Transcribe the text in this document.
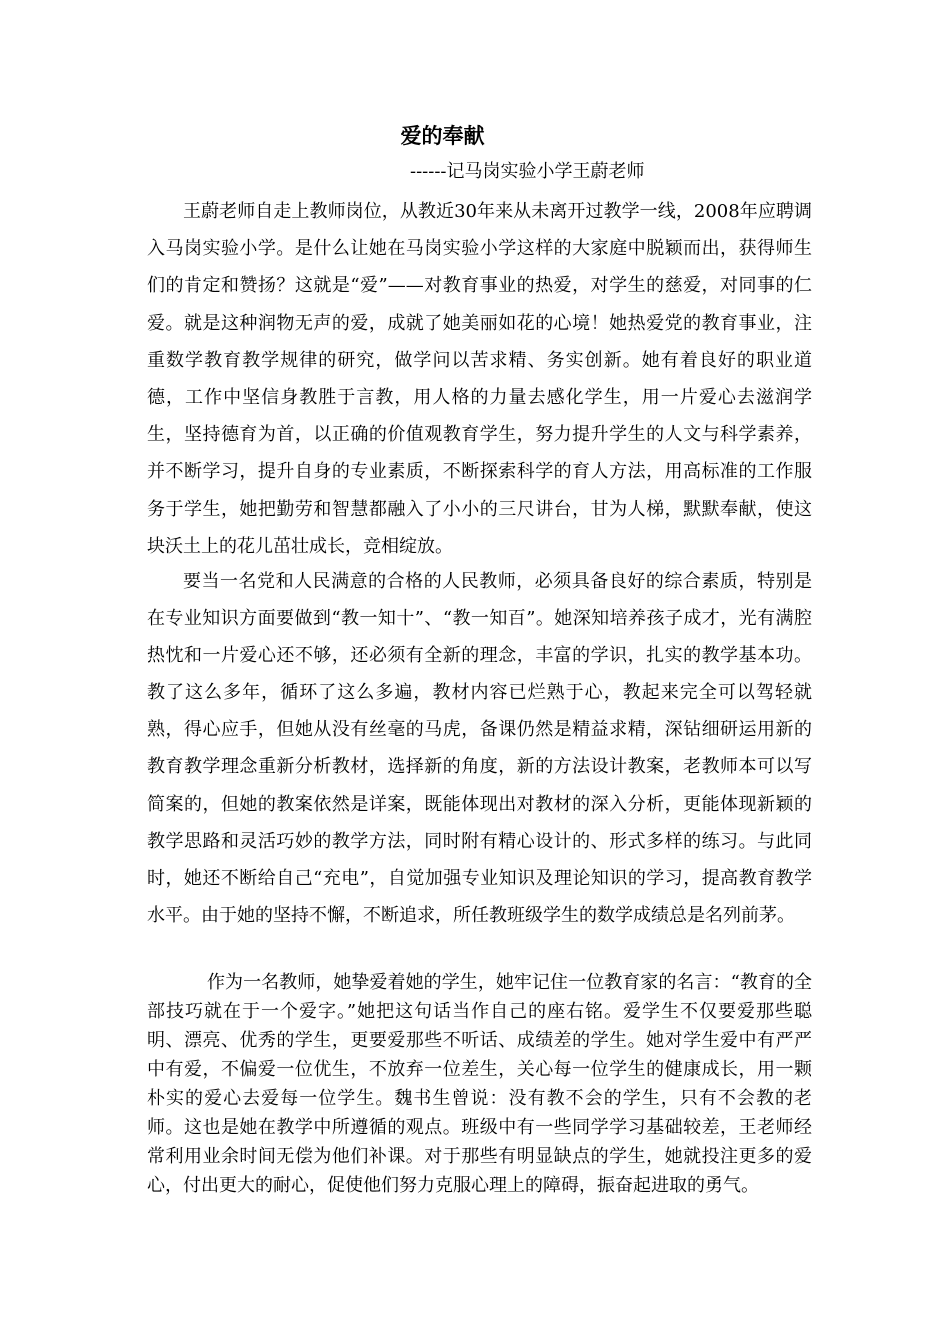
爱的奉献

------记马岗实验小学王蔚老师

王蔚老师自走上教师岗位，从教近30年来从未离开过教学一线，2008年应聘调入马岗实验小学。是什么让她在马岗实验小学这样的大家庭中脱颖而出，获得师生们的肯定和赞扬？这就是“爱”——对教育事业的热爱，对学生的慈爱，对同事的仁爱。就是这种润物无声的爱，成就了她美丽如花的心境！她热爱党的教育事业，注重数学教育教学规律的研究，做学问以苦求精、务实创新。她有着良好的职业道德，工作中坚信身教胜于言教，用人格的力量去感化学生，用一片爱心去滋润学生，坚持德育为首，以正确的价值观教育学生，努力提升学生的人文与科学素养，并不断学习，提升自身的专业素质，不断探索科学的育人方法，用高标准的工作服务于学生，她把勤劳和智慧都融入了小小的三尺讲台，甘为人梯，默默奉献，使这块沃土上的花儿茁壮成长，竞相绽放。

要当一名党和人民满意的合格的人民教师，必须具备良好的综合素质，特别是在专业知识方面要做到“教一知十”、“教一知百”。她深知培养孩子成才，光有满腔热忱和一片爱心还不够，还必须有全新的理念，丰富的学识，扎实的教学基本功。教了这么多年，循环了这么多遍，教材内容已烂熟于心，教起来完全可以驾轻就熟，得心应手，但她从没有丝毫的马虎，备课仍然是精益求精，深钻细研运用新的教育教学理念重新分析教材，选择新的角度，新的方法设计教案，老教师本可以写简案的，但她的教案依然是详案，既能体现出对教材的深入分析，更能体现新颖的教学思路和灵活巧妙的教学方法，同时附有精心设计的、形式多样的练习。与此同时，她还不断给自己“充电”，自觉加强专业知识及理论知识的学习，提高教育教学水平。由于她的坚持不懈，不断追求，所任教班级学生的数学成绩总是名列前茅。

作为一名教师，她挚爱着她的学生，她牢记住一位教育家的名言：“教育的全部技巧就在于一个爱字。”她把这句话当作自己的座右铭。爱学生不仅要爱那些聪明、漂亮、优秀的学生，更要爱那些不听话、成绩差的学生。她对学生爱中有严严中有爱，不偏爱一位优生，不放弃一位差生，关心每一位学生的健康成长，用一颗朴实的爱心去爱每一位学生。魏书生曾说：没有教不会的学生，只有不会教的老师。这也是她在教学中所遵循的观点。班级中有一些同学学习基础较差，王老师经常利用业余时间无偿为他们补课。对于那些有明显缺点的学生，她就投注更多的爱心，付出更大的耐心，促使他们努力克服心理上的障碍，振奋起进取的勇气。
